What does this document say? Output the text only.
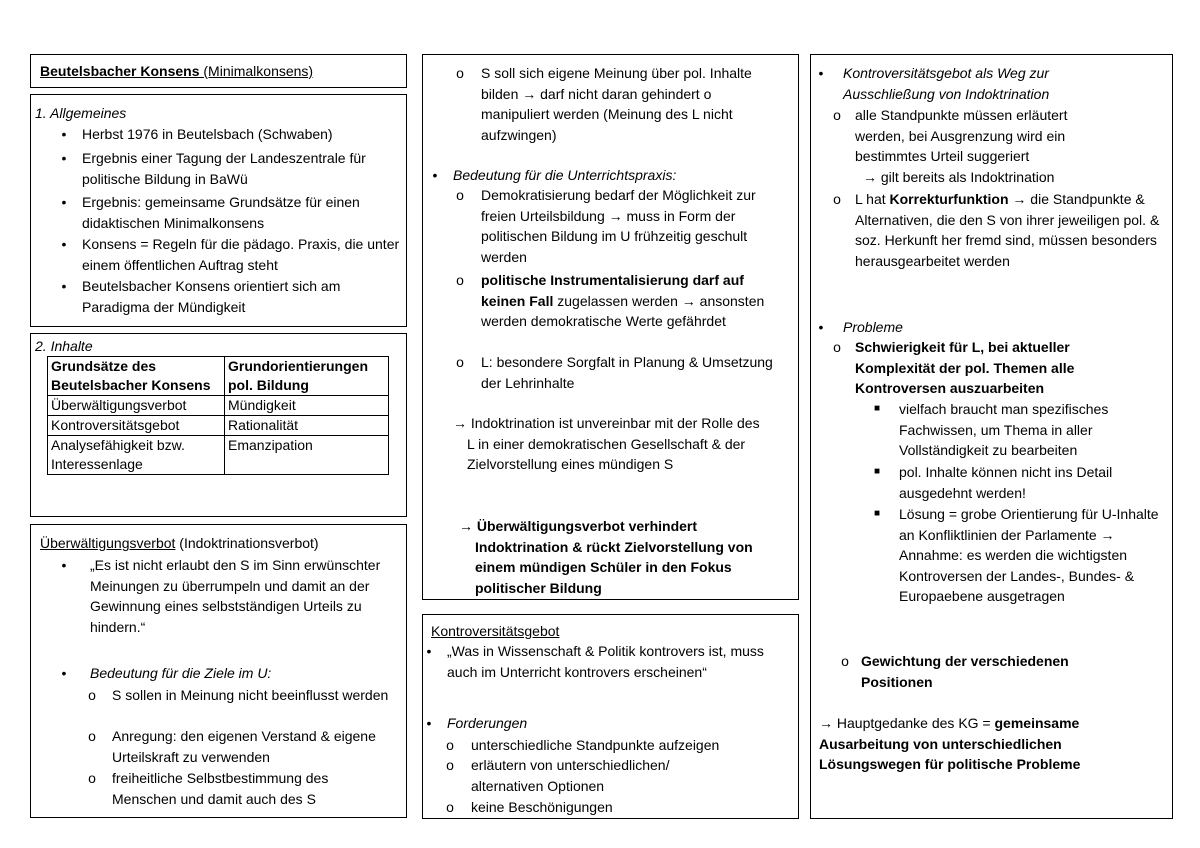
Beutelsbacher Konsens (Minimalkonsens)

1. Allgemeines

• Herbst 1976 in Beutelsbach (Schwaben)

• Ergebnis einer Tagung der Landeszentrale für politische Bildung in BaWü

• Ergebnis: gemeinsame Grundsätze für einen didaktischen Minimalkonsens

• Konsens = Regeln für die pädago. Praxis, die unter einem öffentlichen Auftrag steht

• Beutelsbacher Konsens orientiert sich am Paradigma der Mündigkeit

2. Inhalte

Grundsätze des Beutelsbacher Konsens	Grundorientierungen pol. Bildung
Überwältigungsverbot	Mündigkeit
Kontroversitätsgebot	Rationalität
Analysefähigkeit bzw. Interessenlage	Emanzipation

Überwältigungsverbot (Indoktrinationsverbot)

• „Es ist nicht erlaubt den S im Sinn erwünschter Meinungen zu überrumpeln und damit an der Gewinnung eines selbstständigen Urteils zu hindern.“

• Bedeutung für die Ziele im U:

o S sollen in Meinung nicht beeinflusst werden

o Anregung: den eigenen Verstand & eigene Urteilskraft zu verwenden

o freiheitliche Selbstbestimmung des Menschen und damit auch des S

o S soll sich eigene Meinung über pol. Inhalte bilden → darf nicht daran gehindert o manipuliert werden (Meinung des L nicht aufzwingen)

• Bedeutung für die Unterrichtspraxis:

o Demokratisierung bedarf der Möglichkeit zur freien Urteilsbildung → muss in Form der politischen Bildung im U frühzeitig geschult werden

o politische Instrumentalisierung darf auf keinen Fall zugelassen werden → ansonsten werden demokratische Werte gefährdet

o L: besondere Sorgfalt in Planung & Umsetzung der Lehrinhalte

→ Indoktrination ist unvereinbar mit der Rolle des L in einer demokratischen Gesellschaft & der Zielvorstellung eines mündigen S

→ Überwältigungsverbot verhindert Indoktrination & rückt Zielvorstellung von einem mündigen Schüler in den Fokus politischer Bildung

Kontroversitätsgebot

• „Was in Wissenschaft & Politik kontrovers ist, muss auch im Unterricht kontrovers erscheinen“

• Forderungen

o unterschiedliche Standpunkte aufzeigen

o erläutern von unterschiedlichen/ alternativen Optionen

o keine Beschönigungen

• Kontroversitätsgebot als Weg zur Ausschließung von Indoktrination

o alle Standpunkte müssen erläutert werden, bei Ausgrenzung wird ein bestimmtes Urteil suggeriert

→ gilt bereits als Indoktrination

o L hat Korrekturfunktion → die Standpunkte & Alternativen, die den S von ihrer jeweiligen pol. & soz. Herkunft her fremd sind, müssen besonders herausgearbeitet werden

• Probleme

o Schwierigkeit für L, bei aktueller Komplexität der pol. Themen alle Kontroversen auszuarbeiten

■ vielfach braucht man spezifisches Fachwissen, um Thema in aller Vollständigkeit zu bearbeiten

■ pol. Inhalte können nicht ins Detail ausgedehnt werden!

■ Lösung = grobe Orientierung für U-Inhalte an Konfliktlinien der Parlamente → Annahme: es werden die wichtigsten Kontroversen der Landes-, Bundes- & Europaebene ausgetragen

o Gewichtung der verschiedenen Positionen

→ Hauptgedanke des KG = gemeinsame Ausarbeitung von unterschiedlichen Lösungswegen für politische Probleme
